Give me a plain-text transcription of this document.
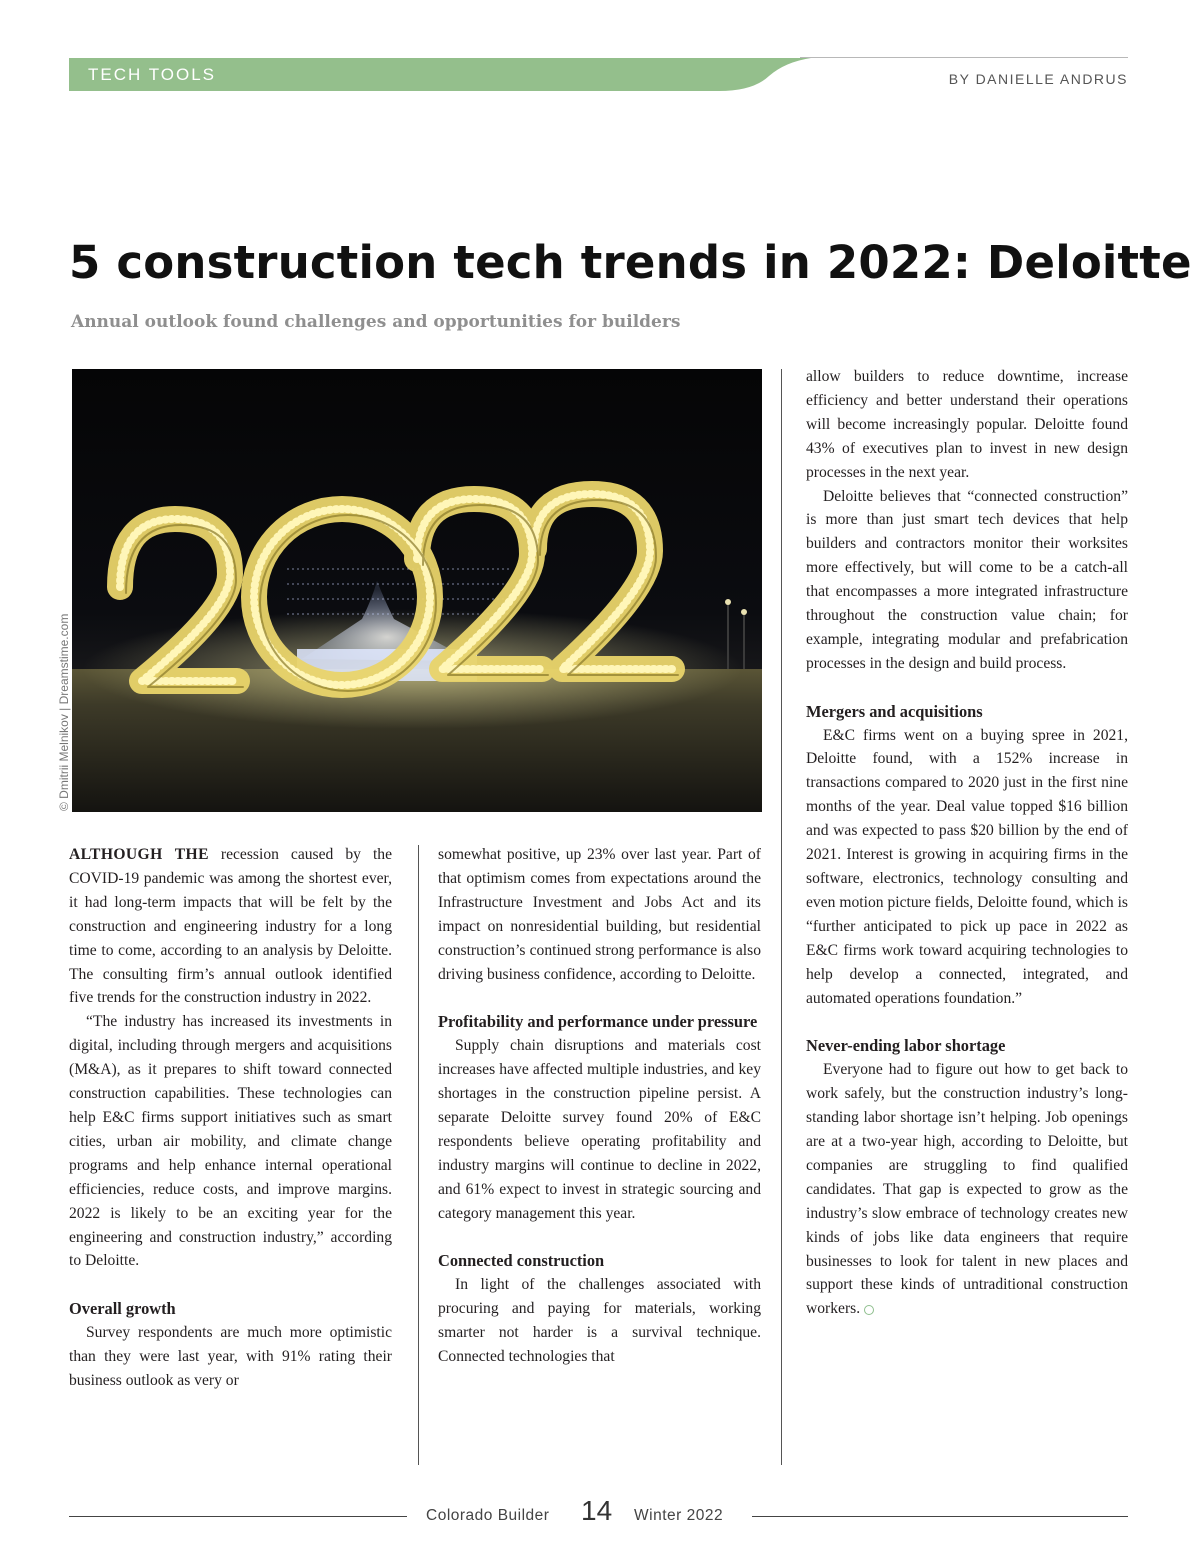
TECH TOOLS	BY DANIELLE ANDRUS
5 construction tech trends in 2022: Deloitte

Annual outlook found challenges and opportunities for builders

© Dmitrii Melnikov | Dreamstime.com

ALTHOUGH THE recession caused by the COVID-19 pandemic was among the shortest ever, it had long-term impacts that will be felt by the construction and engineering industry for a long time to come, according to an analysis by Deloitte. The consulting firm’s annual outlook identified five trends for the construction industry in 2022.

“The industry has increased its investments in digital, including through mergers and acquisitions (M&A), as it prepares to shift toward connected construction capabilities. These technologies can help E&C firms support initiatives such as smart cities, urban air mobility, and climate change programs and help enhance internal operational efficiencies, reduce costs, and improve margins. 2022 is likely to be an exciting year for the engineering and construction industry,” according to Deloitte.

Overall growth

Survey respondents are much more optimistic than they were last year, with 91% rating their business outlook as very or

somewhat positive, up 23% over last year. Part of that optimism comes from expectations around the Infrastructure Investment and Jobs Act and its impact on nonresidential building, but residential construction’s continued strong performance is also driving business confidence, according to Deloitte.

Profitability and performance under pressure

Supply chain disruptions and materials cost increases have affected multiple industries, and key shortages in the construction pipeline persist. A separate Deloitte survey found 20% of E&C respondents believe operating profitability and industry margins will continue to decline in 2022, and 61% expect to invest in strategic sourcing and category management this year.

Connected construction

In light of the challenges associated with procuring and paying for materials, working smarter not harder is a survival technique. Connected technologies that

allow builders to reduce downtime, increase efficiency and better understand their operations will become increasingly popular. Deloitte found 43% of executives plan to invest in new design processes in the next year.

Deloitte believes that “connected construction” is more than just smart tech devices that help builders and contractors monitor their worksites more effectively, but will come to be a catch-all that encompasses a more integrated infrastructure throughout the construction value chain; for example, integrating modular and prefabrication processes in the design and build process.

Mergers and acquisitions

E&C firms went on a buying spree in 2021, Deloitte found, with a 152% increase in transactions compared to 2020 just in the first nine months of the year. Deal value topped $16 billion and was expected to pass $20 billion by the end of 2021. Interest is growing in acquiring firms in the software, electronics, technology consulting and even motion picture fields, Deloitte found, which is “further anticipated to pick up pace in 2022 as E&C firms work toward acquiring technologies to help develop a connected, integrated, and automated operations foundation.”

Never-ending labor shortage

Everyone had to figure out how to get back to work safely, but the construction industry’s long-standing labor shortage isn’t helping. Job openings are at a two-year high, according to Deloitte, but companies are struggling to find qualified candidates. That gap is expected to grow as the industry’s slow embrace of technology creates new kinds of jobs like data engineers that require businesses to look for talent in new places and support these kinds of untraditional construction workers.

Colorado Builder 14 Winter 2022
